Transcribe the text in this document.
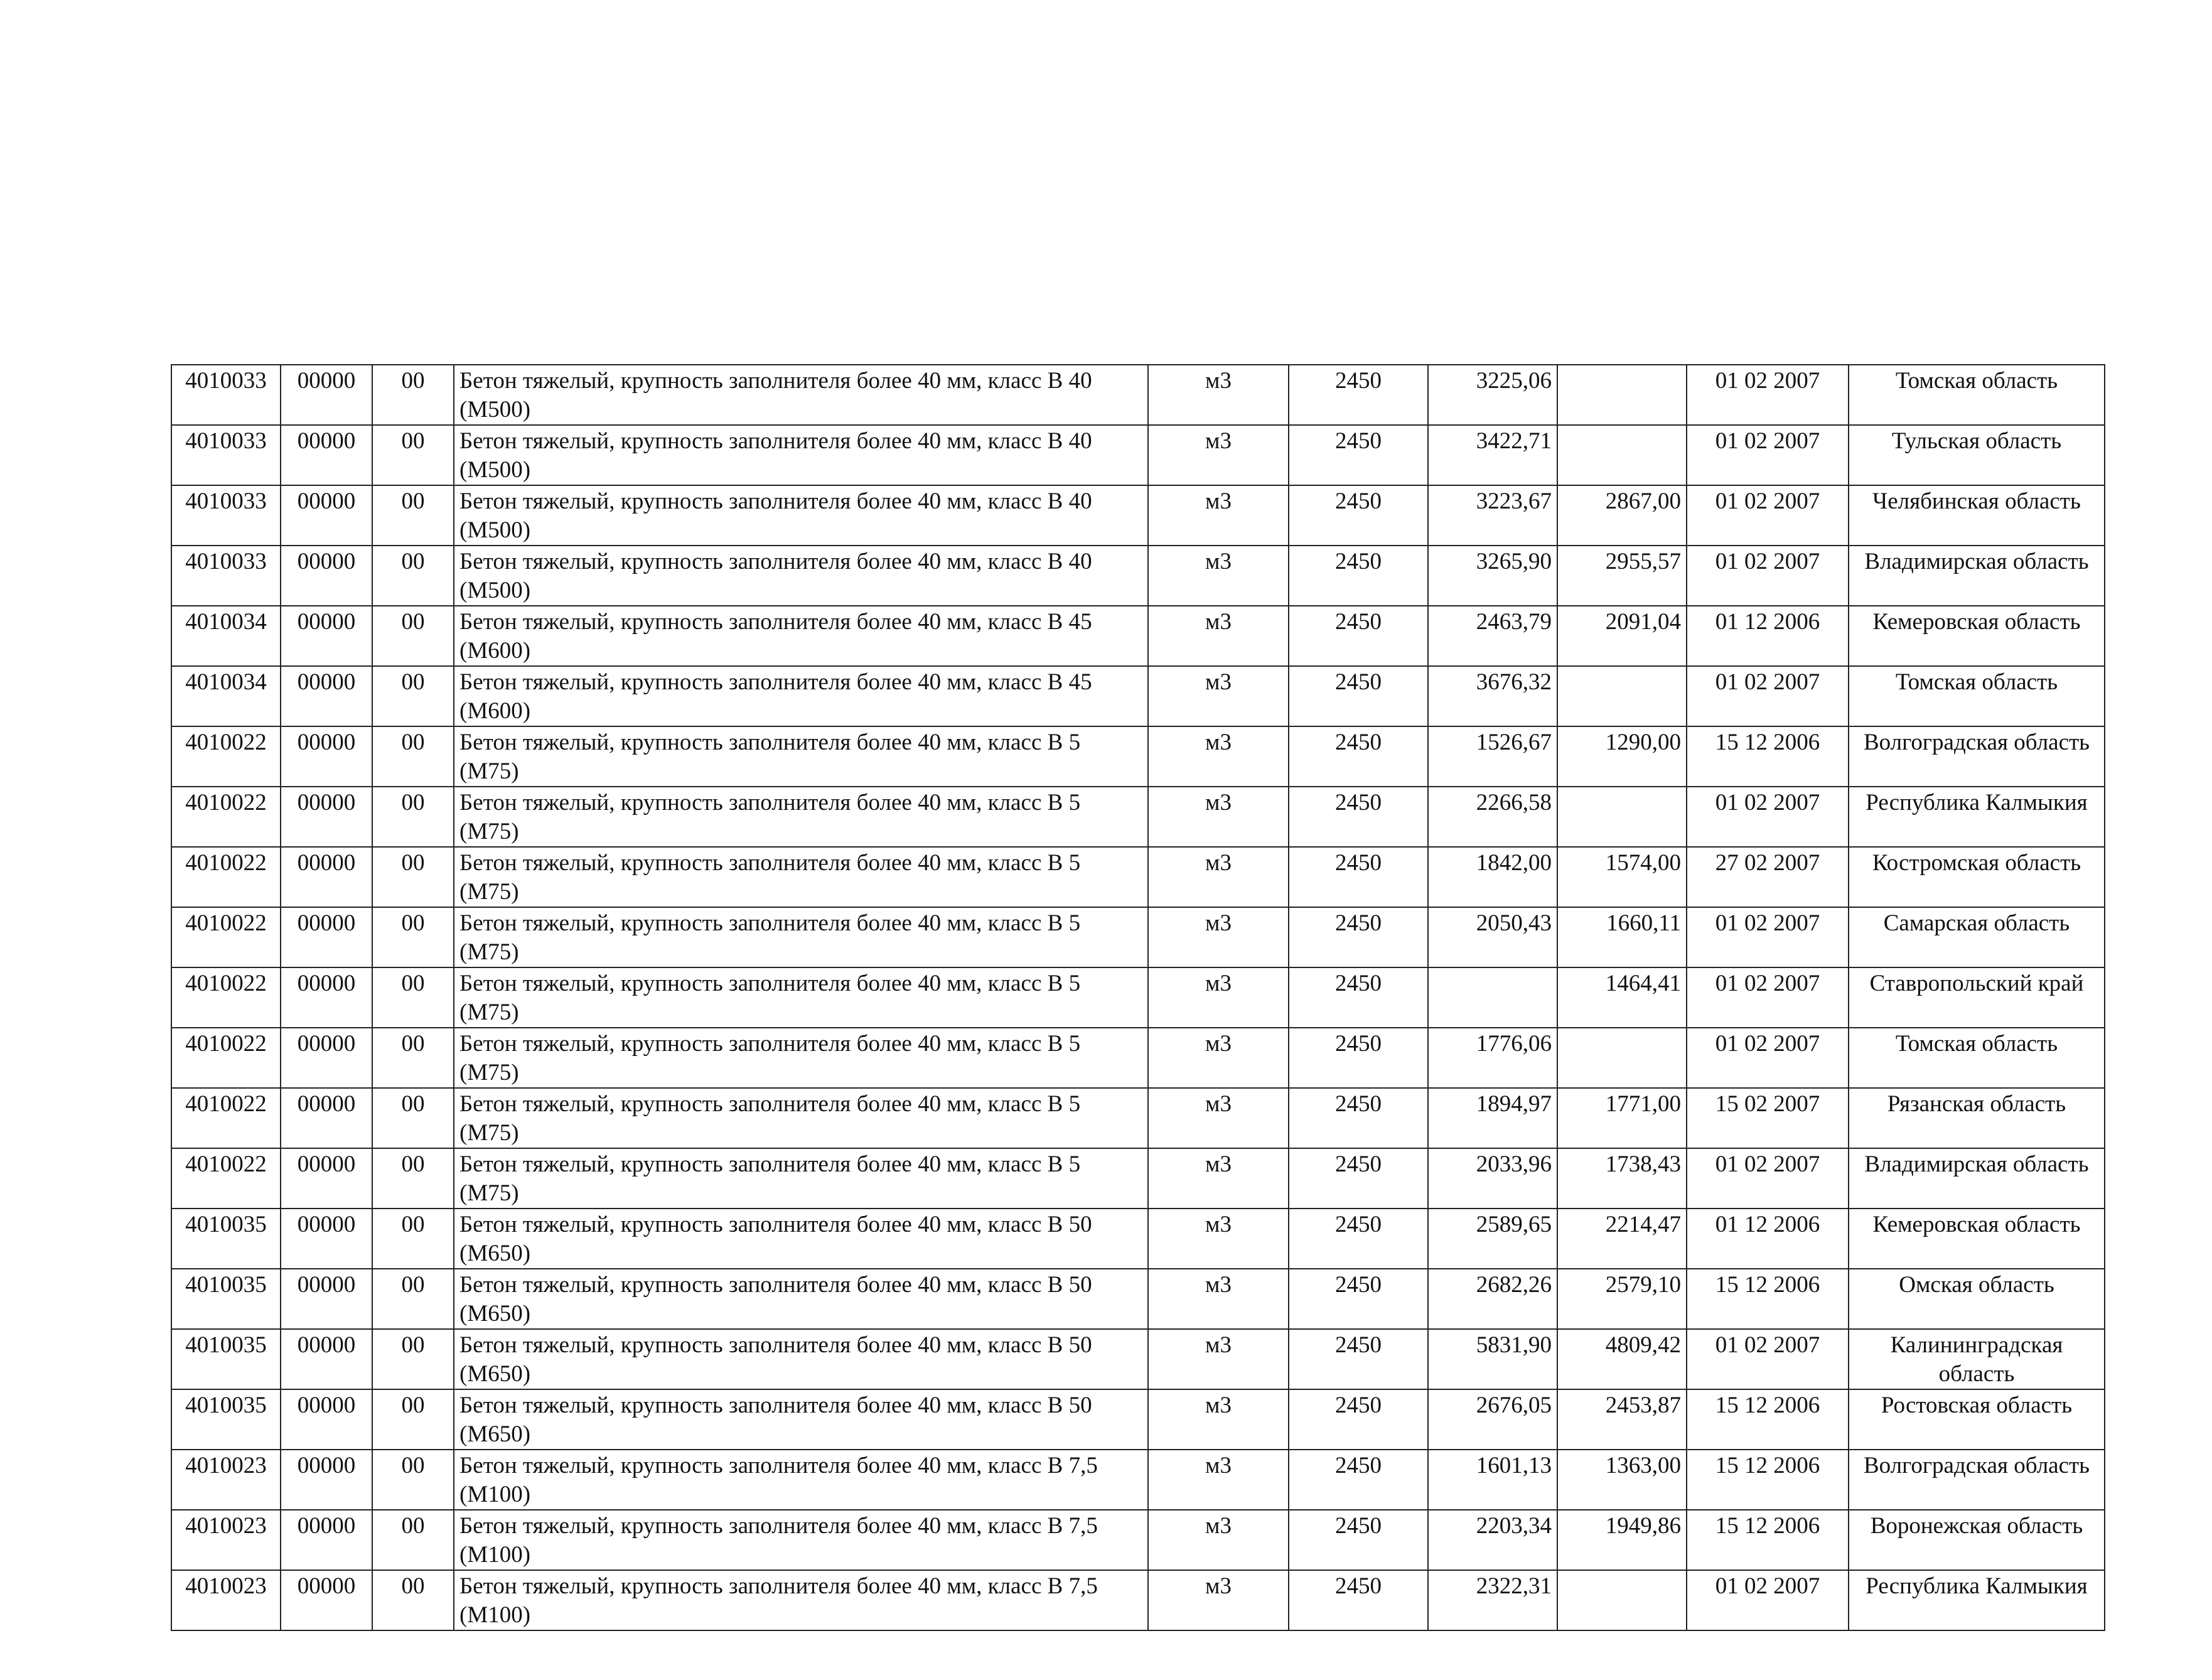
4010033	00000	00	Бетон тяжелый, крупность заполнителя более 40 мм, класс В 40 (М500)	м3	2450	3225,06		01 02 2007	Томская область
4010033	00000	00	Бетон тяжелый, крупность заполнителя более 40 мм, класс В 40 (М500)	м3	2450	3422,71		01 02 2007	Тульская область
4010033	00000	00	Бетон тяжелый, крупность заполнителя более 40 мм, класс В 40 (М500)	м3	2450	3223,67	2867,00	01 02 2007	Челябинская область
4010033	00000	00	Бетон тяжелый, крупность заполнителя более 40 мм, класс В 40 (М500)	м3	2450	3265,90	2955,57	01 02 2007	Владимирская область
4010034	00000	00	Бетон тяжелый, крупность заполнителя более 40 мм, класс В 45 (М600)	м3	2450	2463,79	2091,04	01 12 2006	Кемеровская область
4010034	00000	00	Бетон тяжелый, крупность заполнителя более 40 мм, класс В 45 (М600)	м3	2450	3676,32		01 02 2007	Томская область
4010022	00000	00	Бетон тяжелый, крупность заполнителя более 40 мм, класс В 5 (М75)	м3	2450	1526,67	1290,00	15 12 2006	Волгоградская область
4010022	00000	00	Бетон тяжелый, крупность заполнителя более 40 мм, класс В 5 (М75)	м3	2450	2266,58		01 02 2007	Республика Калмыкия
4010022	00000	00	Бетон тяжелый, крупность заполнителя более 40 мм, класс В 5 (М75)	м3	2450	1842,00	1574,00	27 02 2007	Костромская область
4010022	00000	00	Бетон тяжелый, крупность заполнителя более 40 мм, класс В 5 (М75)	м3	2450	2050,43	1660,11	01 02 2007	Самарская область
4010022	00000	00	Бетон тяжелый, крупность заполнителя более 40 мм, класс В 5 (М75)	м3	2450		1464,41	01 02 2007	Ставропольский край
4010022	00000	00	Бетон тяжелый, крупность заполнителя более 40 мм, класс В 5 (М75)	м3	2450	1776,06		01 02 2007	Томская область
4010022	00000	00	Бетон тяжелый, крупность заполнителя более 40 мм, класс В 5 (М75)	м3	2450	1894,97	1771,00	15 02 2007	Рязанская область
4010022	00000	00	Бетон тяжелый, крупность заполнителя более 40 мм, класс В 5 (М75)	м3	2450	2033,96	1738,43	01 02 2007	Владимирская область
4010035	00000	00	Бетон тяжелый, крупность заполнителя более 40 мм, класс В 50 (М650)	м3	2450	2589,65	2214,47	01 12 2006	Кемеровская область
4010035	00000	00	Бетон тяжелый, крупность заполнителя более 40 мм, класс В 50 (М650)	м3	2450	2682,26	2579,10	15 12 2006	Омская область
4010035	00000	00	Бетон тяжелый, крупность заполнителя более 40 мм, класс В 50 (М650)	м3	2450	5831,90	4809,42	01 02 2007	Калининградская область
4010035	00000	00	Бетон тяжелый, крупность заполнителя более 40 мм, класс В 50 (М650)	м3	2450	2676,05	2453,87	15 12 2006	Ростовская область
4010023	00000	00	Бетон тяжелый, крупность заполнителя более 40 мм, класс В 7,5 (М100)	м3	2450	1601,13	1363,00	15 12 2006	Волгоградская область
4010023	00000	00	Бетон тяжелый, крупность заполнителя более 40 мм, класс В 7,5 (М100)	м3	2450	2203,34	1949,86	15 12 2006	Воронежская область
4010023	00000	00	Бетон тяжелый, крупность заполнителя более 40 мм, класс В 7,5 (М100)	м3	2450	2322,31		01 02 2007	Республика Калмыкия
